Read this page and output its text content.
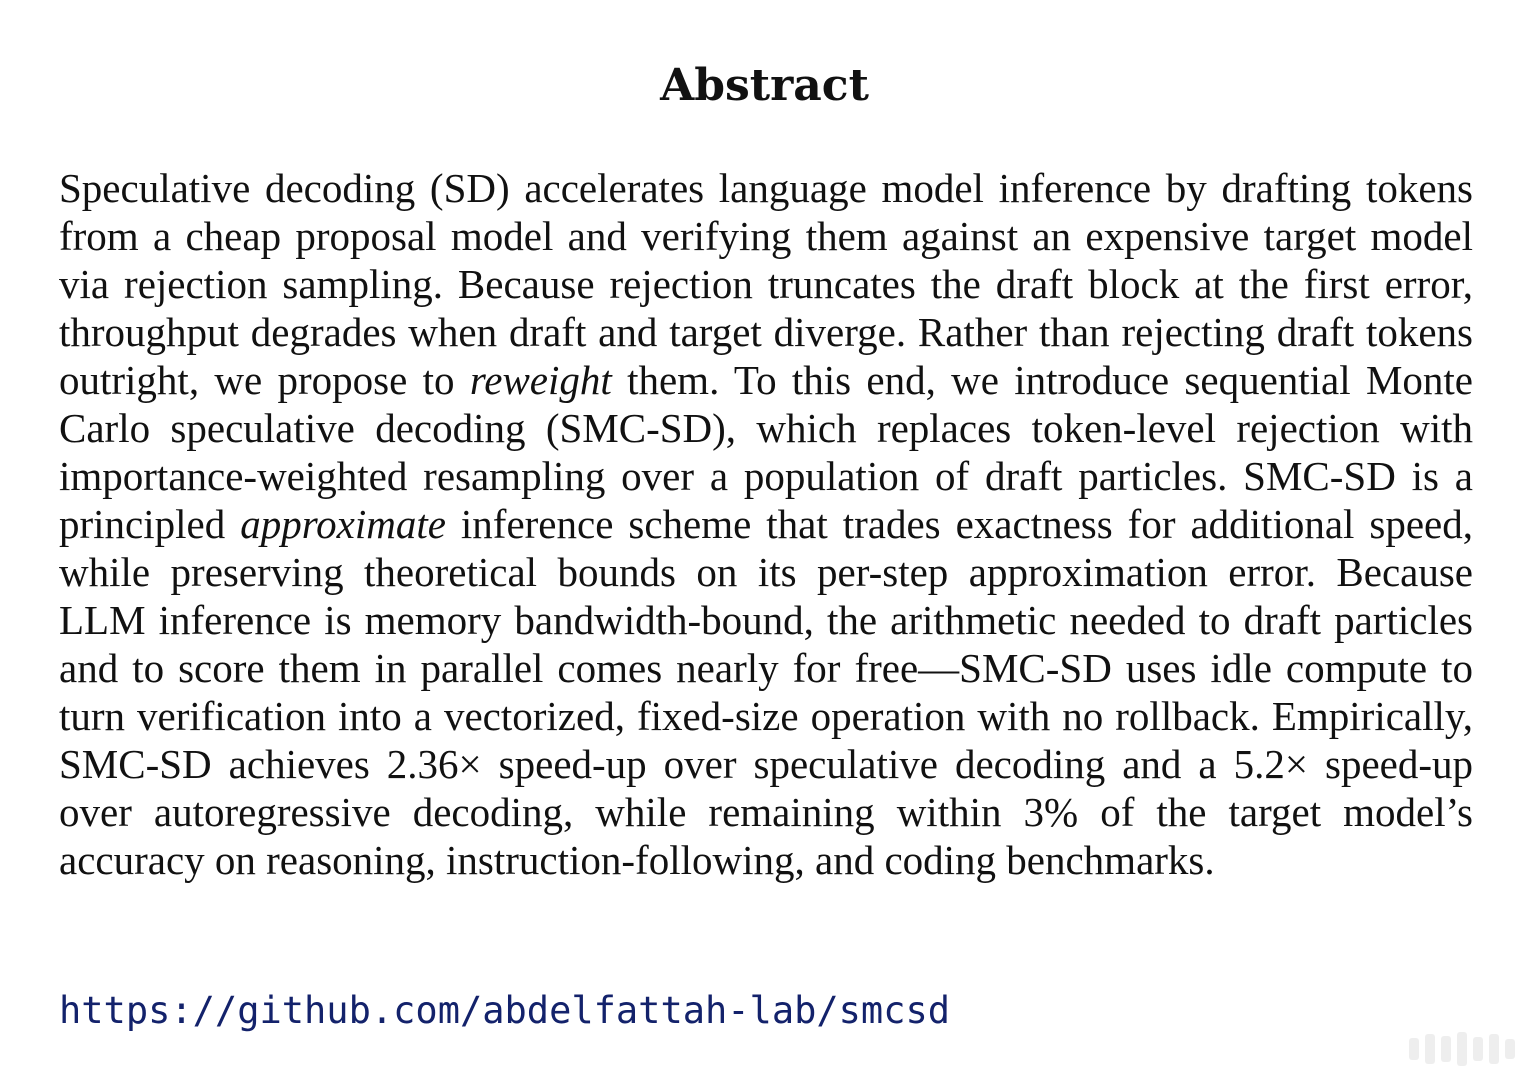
Abstract

Speculative decoding (SD) accelerates language model inference by drafting tokens from a cheap proposal model and verifying them against an expensive target model via rejection sampling. Because rejection truncates the draft block at the first error, throughput degrades when draft and target diverge. Rather than rejecting draft tokens outright, we propose to reweight them. To this end, we introduce sequential Monte Carlo speculative decoding (SMC-SD), which replaces token-level rejection with importance-weighted resampling over a population of draft particles. SMC-SD is a principled approximate inference scheme that trades exactness for additional speed, while preserving theoretical bounds on its per-step approximation error. Because LLM inference is memory bandwidth-bound, the arithmetic needed to draft particles and to score them in parallel comes nearly for free—SMC-SD uses idle compute to turn verification into a vectorized, fixed-size operation with no rollback. Empirically, SMC-SD achieves 2.36× speed-up over speculative decoding and a 5.2× speed-up over autoregressive decoding, while remaining within 3% of the target model’s accuracy on reasoning, instruction-following, and coding benchmarks.

https://github.com/abdelfattah-lab/smcsd
